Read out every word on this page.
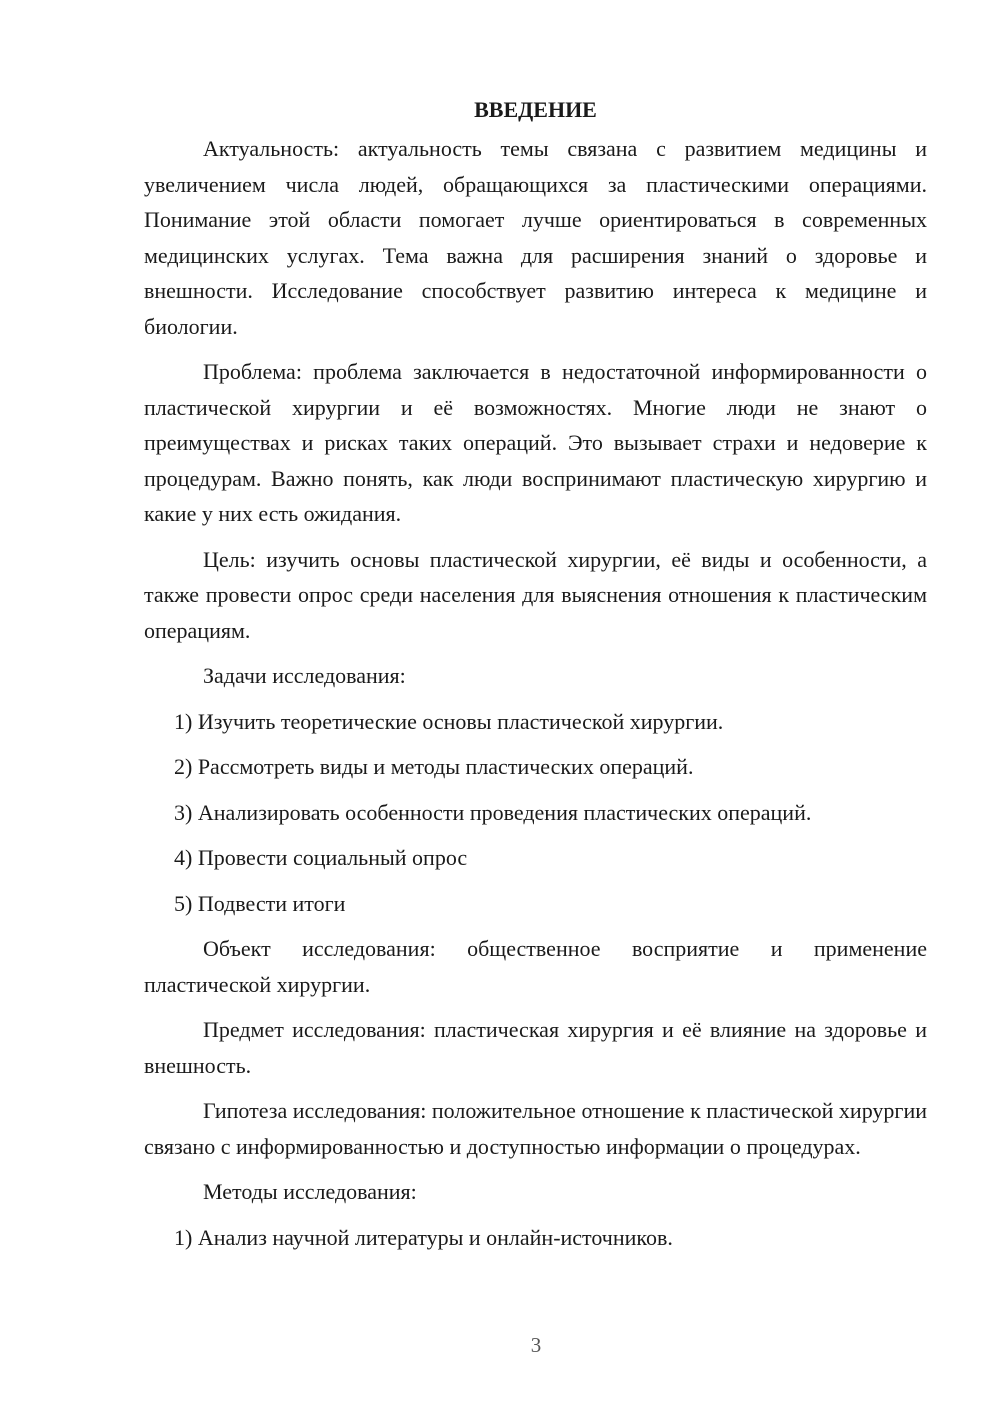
ВВЕДЕНИЕ

Актуальность: актуальность темы связана с развитием медицины и увеличением числа людей, обращающихся за пластическими операциями. Понимание этой области помогает лучше ориентироваться в современных медицинских услугах. Тема важна для расширения знаний о здоровье и внешности. Исследование способствует развитию интереса к медицине и биологии.

Проблема: проблема заключается в недостаточной информированности о пластической хирургии и её возможностях. Многие люди не знают о преимуществах и рисках таких операций. Это вызывает страхи и недоверие к процедурам. Важно понять, как люди воспринимают пластическую хирургию и какие у них есть ожидания.

Цель: изучить основы пластической хирургии, её виды и особенности, а также провести опрос среди населения для выяснения отношения к пластическим операциям.

Задачи исследования:

1) Изучить теоретические основы пластической хирургии.
2) Рассмотреть виды и методы пластических операций.
3) Анализировать особенности проведения пластических операций.
4) Провести социальный опрос
5) Подвести итоги

Объект исследования: общественное восприятие и применение пластической хирургии.

Предмет исследования: пластическая хирургия и её влияние на здоровье и внешность.

Гипотеза исследования: положительное отношение к пластической хирургии связано с информированностью и доступностью информации о процедурах.

Методы исследования:

1) Анализ научной литературы и онлайн-источников.
3
